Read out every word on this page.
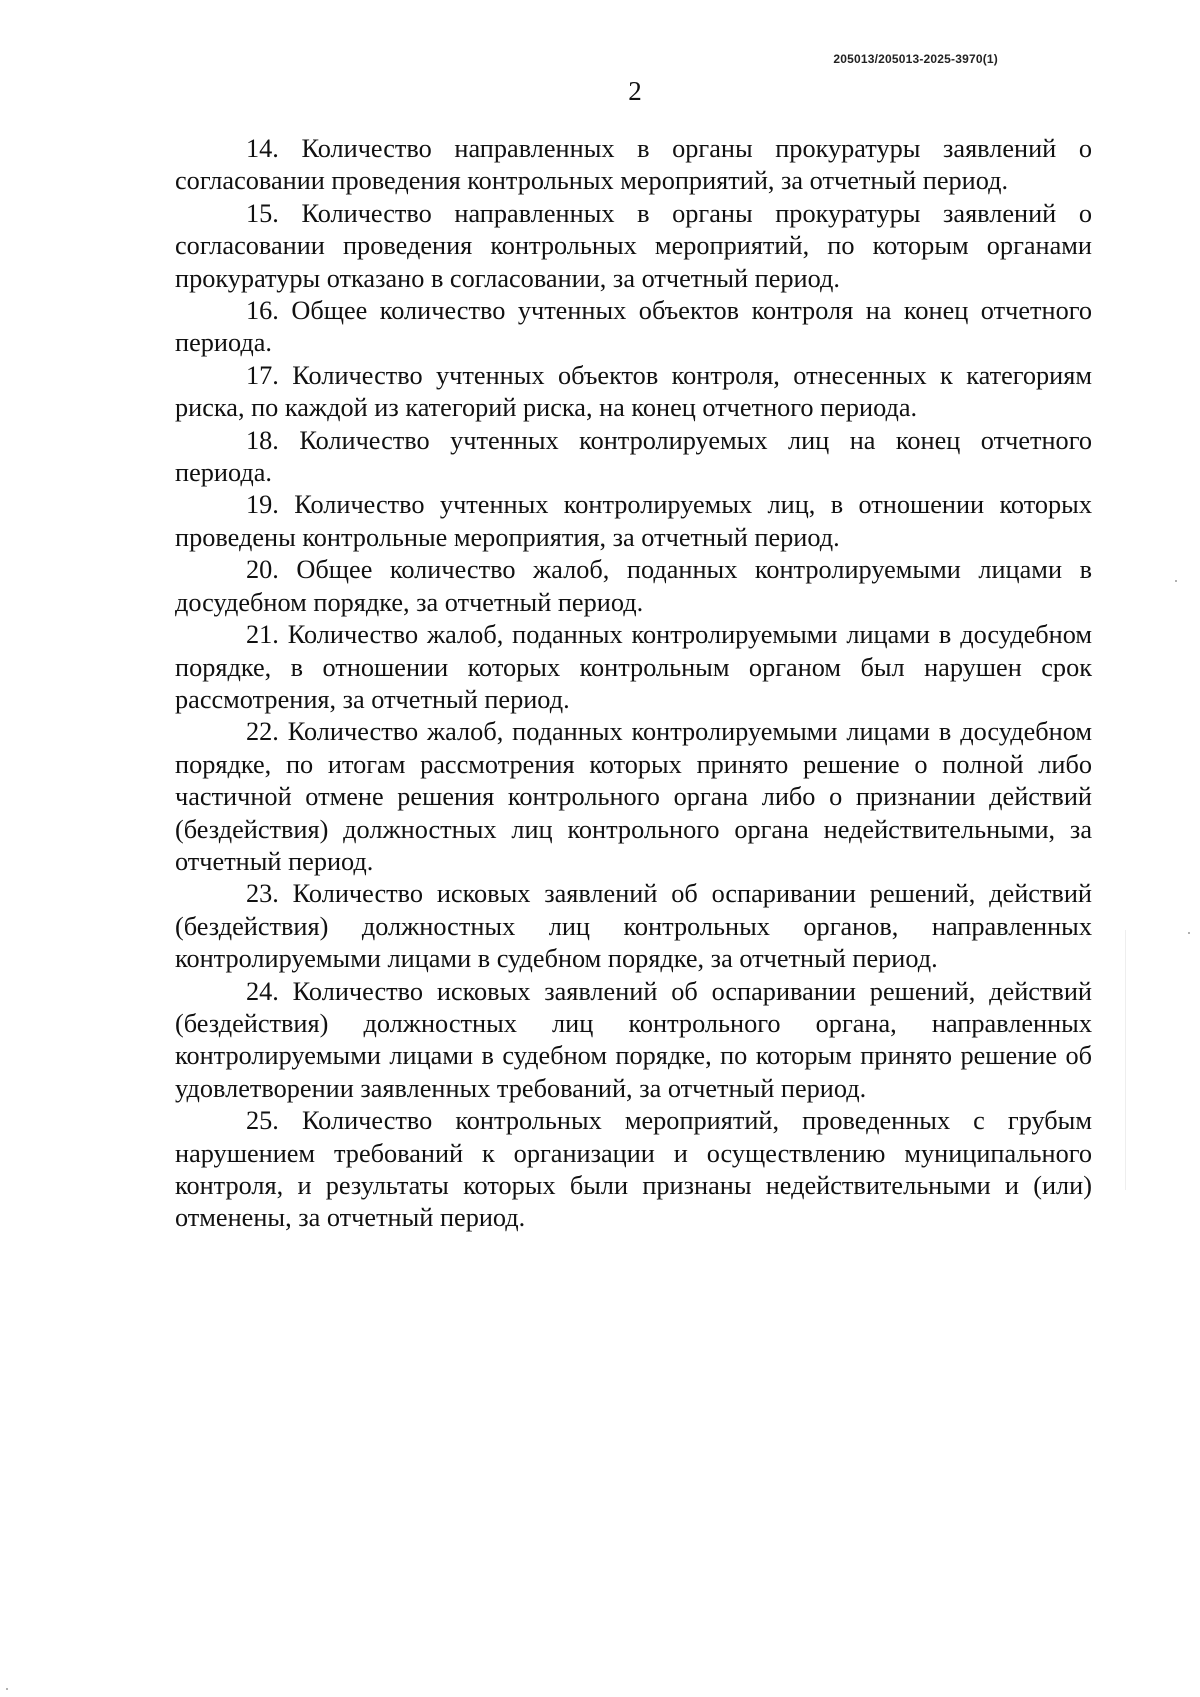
205013/205013-2025-3970(1)
2

14. Количество направленных в органы прокуратуры заявлений о согласовании проведения контрольных мероприятий, за отчетный период.

15. Количество направленных в органы прокуратуры заявлений о согласовании проведения контрольных мероприятий, по которым органами прокуратуры отказано в согласовании, за отчетный период.

16. Общее количество учтенных объектов контроля на конец отчетного периода.

17. Количество учтенных объектов контроля, отнесенных к категориям риска, по каждой из категорий риска, на конец отчетного периода.

18. Количество учтенных контролируемых лиц на конец отчетного периода.

19. Количество учтенных контролируемых лиц, в отношении которых проведены контрольные мероприятия, за отчетный период.

20. Общее количество жалоб, поданных контролируемыми лицами в досудебном порядке, за отчетный период.

21. Количество жалоб, поданных контролируемыми лицами в досудебном порядке, в отношении которых контрольным органом был нарушен срок рассмотрения, за отчетный период.

22. Количество жалоб, поданных контролируемыми лицами в досудебном порядке, по итогам рассмотрения которых принято решение о полной либо частичной отмене решения контрольного органа либо о признании действий (бездействия) должностных лиц контрольного органа недействительными, за отчетный период.

23. Количество исковых заявлений об оспаривании решений, действий (бездействия) должностных лиц контрольных органов, направленных контролируемыми лицами в судебном порядке, за отчетный период.

24. Количество исковых заявлений об оспаривании решений, действий (бездействия) должностных лиц контрольного органа, направленных контролируемыми лицами в судебном порядке, по которым принято решение об удовлетворении заявленных требований, за отчетный период.

25. Количество контрольных мероприятий, проведенных с грубым нарушением требований к организации и осуществлению муниципального контроля, и результаты которых были признаны недействительными и (или) отменены, за отчетный период.
